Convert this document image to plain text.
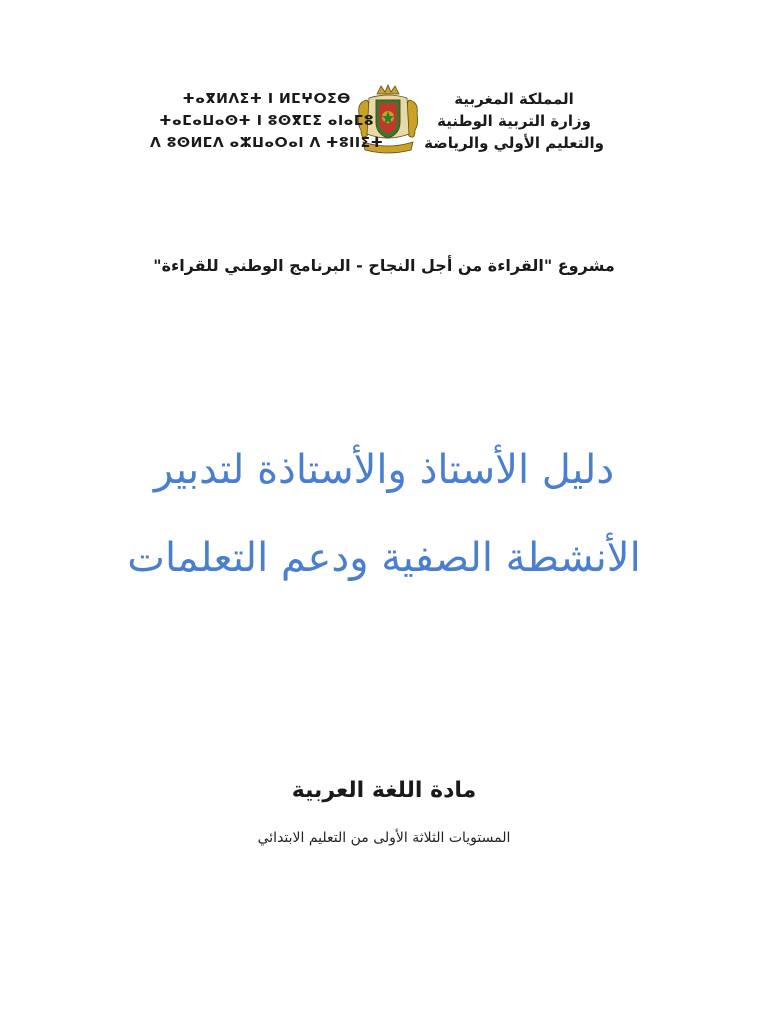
المملكة المغربية
وزارة التربية الوطنية
والتعليم الأولي والرياضة
ⵜⴰⴳⵍⴷⵉⵜ ⵏ ⵍⵎⵖⵔⵉⴱ
ⵜⴰⵎⴰⵡⴰⵙⵜ ⵏ ⵓⵙⴳⵎⵉ ⴰⵏⴰⵎⵓ
ⴷ ⵓⵙⵍⵎⴷ ⴰⵣⵡⴰⵔⴰⵏ ⴷ ⵜⵓⵏⵏⵉⵜ
مشروع "القراءة من أجل النجاح - البرنامج الوطني للقراءة"
دليل الأستاذ والأستاذة لتدبير
الأنشطة الصفية ودعم التعلمات
مادة اللغة العربية
المستويات الثلاثة الأولى من التعليم الابتدائي
